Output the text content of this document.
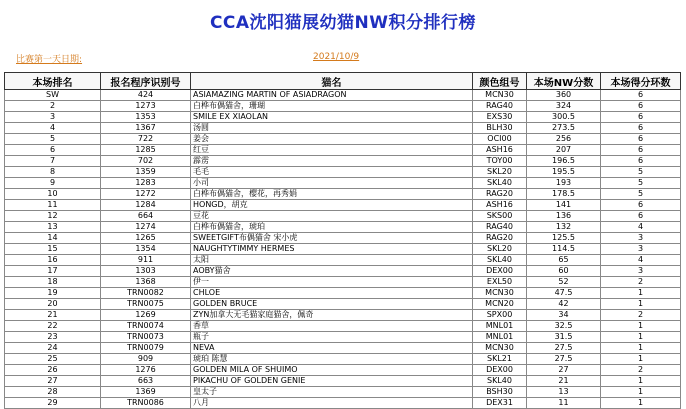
CCA沈阳猫展幼猫NW积分排行榜
比赛第一天日期:	2021/10/9
本场排名	报名程序识别号	猫名	颜色组号	本场NW分数	本场得分环数
SW	424	ASIAMAZING MARTIN OF ASIADRAGON	MCN30	360	6
2	1273	白桦布偶猫舍，珊瑚	RAG40	324	6
3	1353	SMILE EX XIAOLAN	EXS30	300.5	6
4	1367	汤圆	BLH30	273.5	6
5	722	姜会	OCI00	256	6
6	1285	红豆	ASH16	207	6
7	702	霹雳	TOY00	196.5	6
8	1359	毛毛	SKL20	195.5	5
9	1283	小司	SKL40	193	5
10	1272	白桦布偶猫舍，樱花，再秀娟	RAG20	178.5	5
11	1284	HONGD，胡克	ASH16	141	6
12	664	豆花	SKS00	136	6
13	1274	白桦布偶猫舍，琥珀	RAG40	132	4
14	1265	SWEETGIFT布偶猫舍 宋小虎	RAG20	125.5	3
15	1354	NAUGHTYTIMMY HERMES	SKL20	114.5	3
16	911	太阳	SKL40	65	4
17	1303	AOBY猫舍	DEX00	60	3
18	1368	伊一	EXL50	52	2
19	TRN0082	CHLOE	MCN30	47.5	1
20	TRN0075	GOLDEN BRUCE	MCN20	42	1
21	1269	ZYN加拿大无毛猫家庭猫舍，佩奇	SPX00	34	2
22	TRN0074	香草	MNL01	32.5	1
23	TRN0073	瓶子	MNL01	31.5	1
24	TRN0079	NEVA	MCN30	27.5	1
25	909	琥珀 陈慧	SKL21	27.5	1
26	1276	GOLDEN MILA OF SHUIMO	DEX00	27	2
27	663	PIKACHU OF GOLDEN GENIE	SKL40	21	1
28	1369	皇太子	BSH30	13	1
29	TRN0086	八月	DEX31	11	1
